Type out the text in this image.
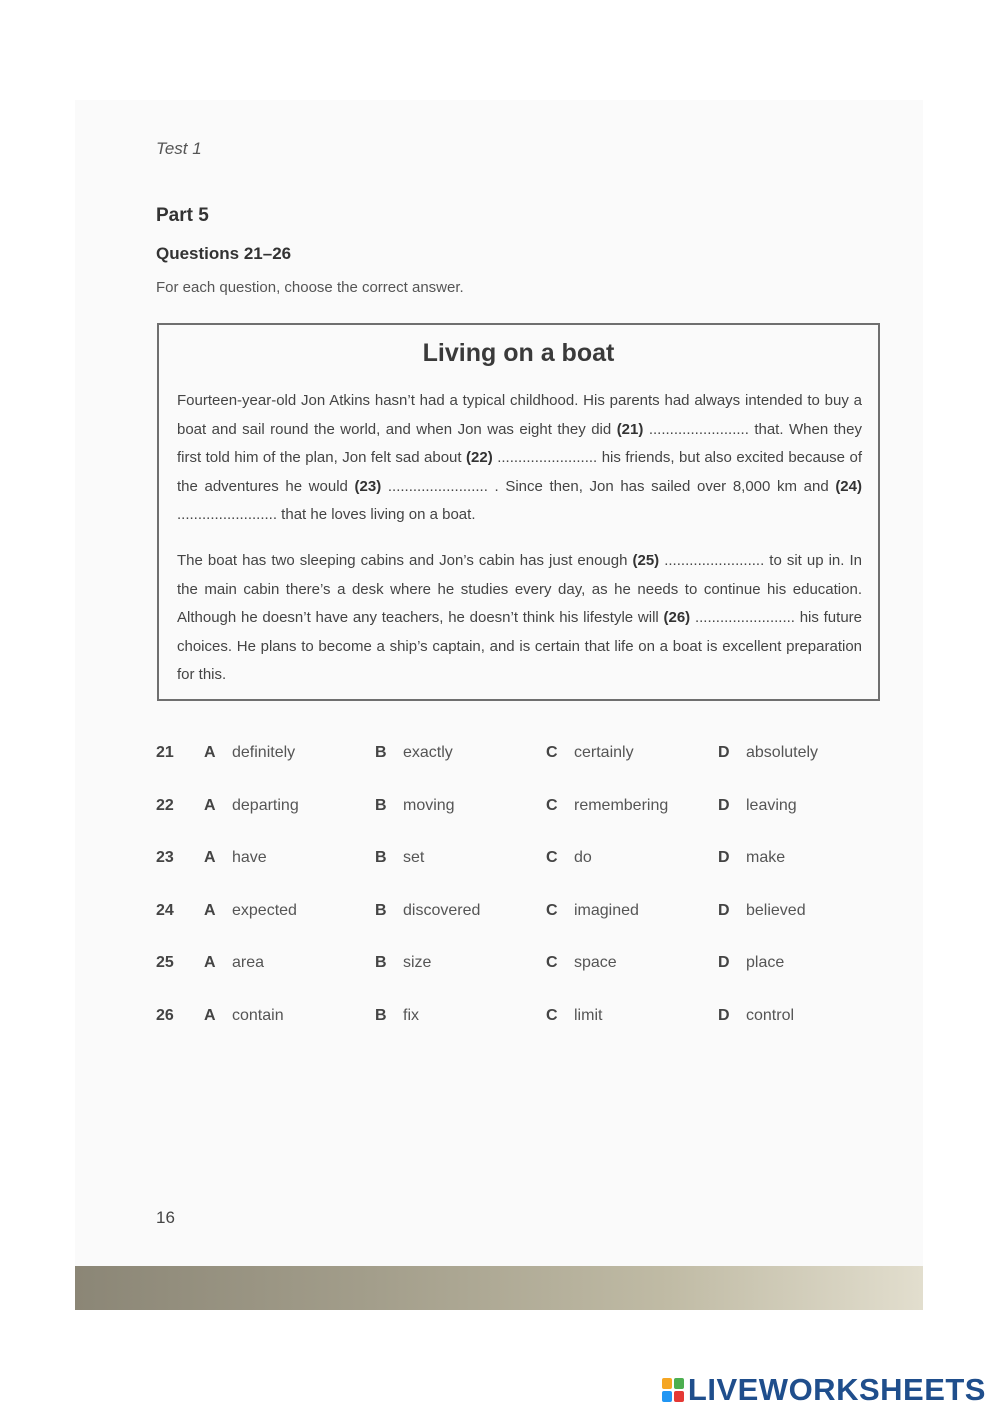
Test 1
Part 5
Questions 21–26
For each question, choose the correct answer.
Living on a boat

Fourteen-year-old Jon Atkins hasn’t had a typical childhood. His parents had always intended to buy a boat and sail round the world, and when Jon was eight they did (21) ........................ that. When they first told him of the plan, Jon felt sad about (22) ........................ his friends, but also excited because of the adventures he would (23) ........................ . Since then, Jon has sailed over 8,000 km and (24) ........................ that he loves living on a boat.

The boat has two sleeping cabins and Jon’s cabin has just enough (25) ........................ to sit up in. In the main cabin there’s a desk where he studies every day, as he needs to continue his education. Although he doesn’t have any teachers, he doesn’t think his lifestyle will (26) ........................ his future choices. He plans to become a ship’s captain, and is certain that life on a boat is excellent preparation for this.

21 A definitely	B exactly	C certainly	D absolutely
22 A departing	B moving	C remembering	D leaving
23 A have	B set	C do	D make
24 A expected	B discovered	C imagined	D believed
25 A area	B size	C space	D place
26 A contain	B fix	C limit	D control
16
LIVEWORKSHEETS
